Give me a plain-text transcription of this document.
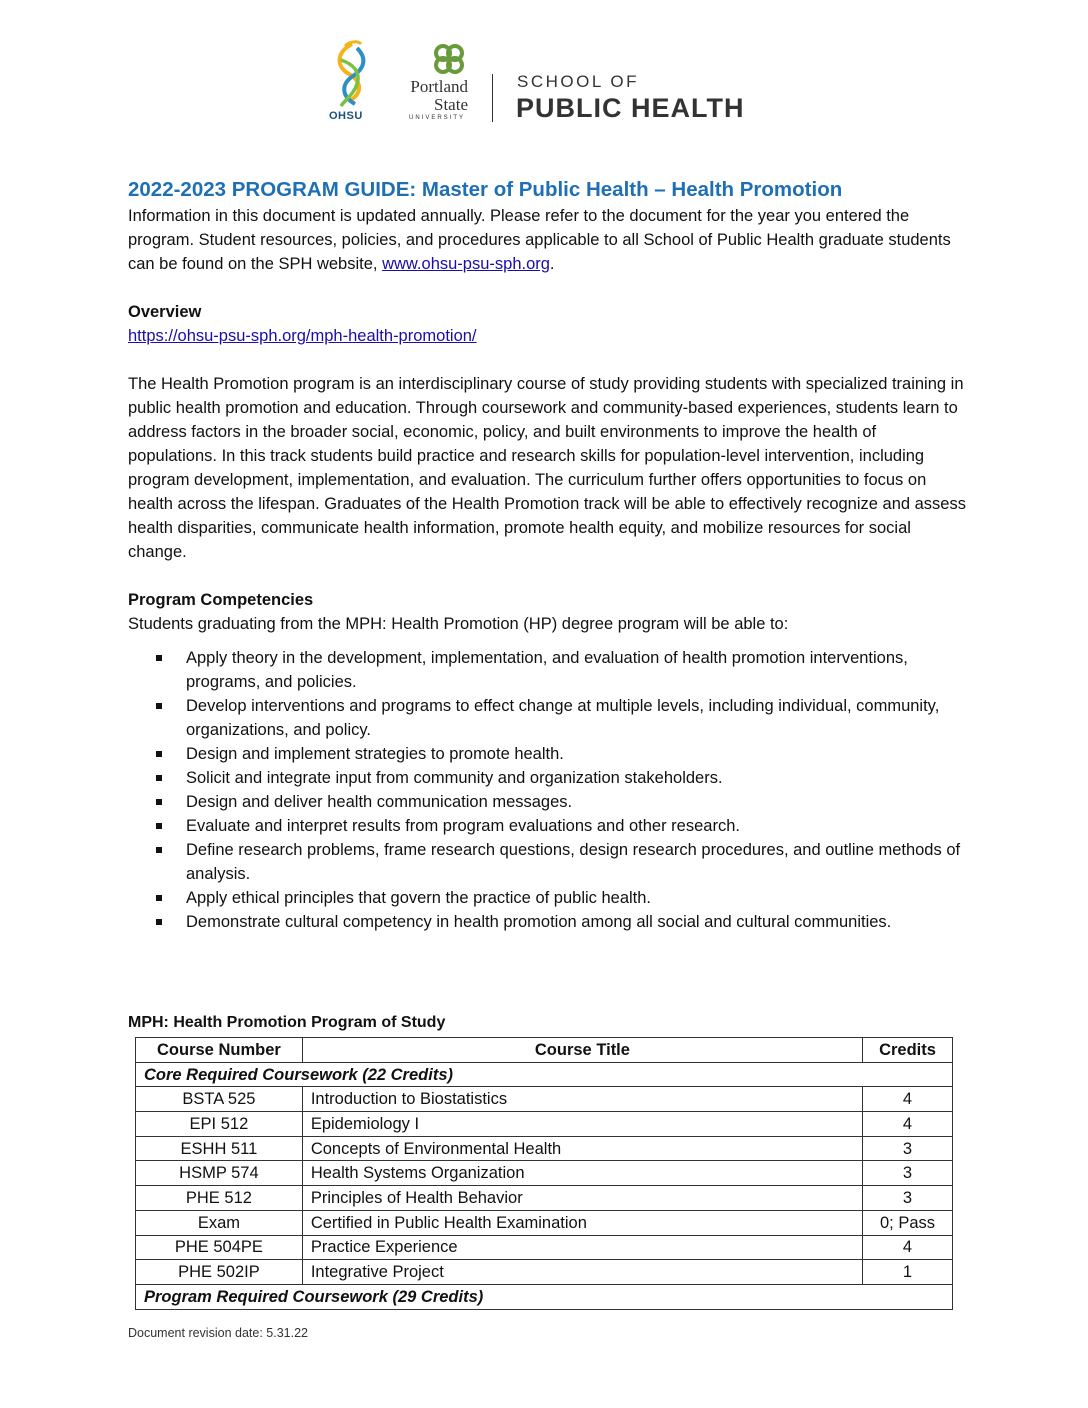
OHSU
Portland
State
UNIVERSITY
SCHOOL OF
PUBLIC HEALTH
2022-2023 PROGRAM GUIDE: Master of Public Health – Health Promotion

Information in this document is updated annually. Please refer to the document for the year you entered the program. Student resources, policies, and procedures applicable to all School of Public Health graduate students can be found on the SPH website, www.ohsu-psu-sph.org.

Overview

https://ohsu-psu-sph.org/mph-health-promotion/

The Health Promotion program is an interdisciplinary course of study providing students with specialized training in public health promotion and education. Through coursework and community-based experiences, students learn to address factors in the broader social, economic, policy, and built environments to improve the health of populations. In this track students build practice and research skills for population-level intervention, including program development, implementation, and evaluation. The curriculum further offers opportunities to focus on health across the lifespan. Graduates of the Health Promotion track will be able to effectively recognize and assess health disparities, communicate health information, promote health equity, and mobilize resources for social change.

Program Competencies

Students graduating from the MPH: Health Promotion (HP) degree program will be able to:

Apply theory in the development, implementation, and evaluation of health promotion interventions, programs, and policies.
Develop interventions and programs to effect change at multiple levels, including individual, community, organizations, and policy.
Design and implement strategies to promote health.
Solicit and integrate input from community and organization stakeholders.
Design and deliver health communication messages.
Evaluate and interpret results from program evaluations and other research.
Define research problems, frame research questions, design research procedures, and outline methods of analysis.
Apply ethical principles that govern the practice of public health.
Demonstrate cultural competency in health promotion among all social and cultural communities.
MPH: Health Promotion Program of Study
Course Number	Course Title	Credits
Core Required Coursework (22 Credits)		
BSTA 525	Introduction to Biostatistics	4
EPI 512	Epidemiology I	4
ESHH 511	Concepts of Environmental Health	3
HSMP 574	Health Systems Organization	3
PHE 512	Principles of Health Behavior	3
Exam	Certified in Public Health Examination	0; Pass
PHE 504PE	Practice Experience	4
PHE 502IP	Integrative Project	1
Program Required Coursework (29 Credits)		
Document revision date: 5.31.22
